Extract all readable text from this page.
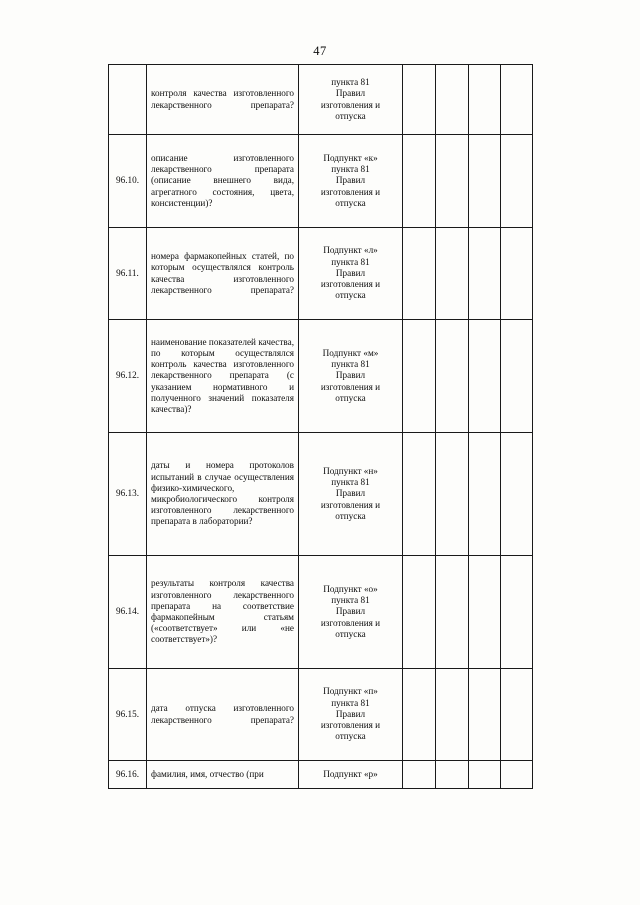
47
	контроля качества изготовленного лекарственного препарата?	пункта 81
Правил
изготовления и
отпуска				

96.10.	описание изготовленного лекарственного препарата (описание внешнего вида, агрегатного состояния, цвета, консистенции)?	Подпункт «к»
пункта 81
Правил
изготовления и
отпуска				

96.11.	номера фармакопейных статей, по которым осуществлялся контроль качества изготовленного лекарственного препарата?	Подпункт «л»
пункта 81
Правил
изготовления и
отпуска				

96.12.	наименование показателей качества, по которым осуществлялся контроль качества изготовленного лекарственного препарата (с указанием нормативного и полученного значений показателя качества)?	Подпункт «м»
пункта 81
Правил
изготовления и
отпуска				

96.13.	даты и номера протоколов испытаний в случае осуществления физико-химического, микробиологического контроля изготовленного лекарственного препарата в лаборатории?	Подпункт «н»
пункта 81
Правил
изготовления и
отпуска				

96.14.	результаты контроля качества изготовленного лекарственного препарата на соответствие фармакопейным статьям («соответствует» или «не соответствует»)?	Подпункт «о»
пункта 81
Правил
изготовления и
отпуска				

96.15.	дата отпуска изготовленного лекарственного препарата?	Подпункт «п»
пункта 81
Правил
изготовления и
отпуска				

96.16.	фамилия, имя, отчество (при	Подпункт «р»				
